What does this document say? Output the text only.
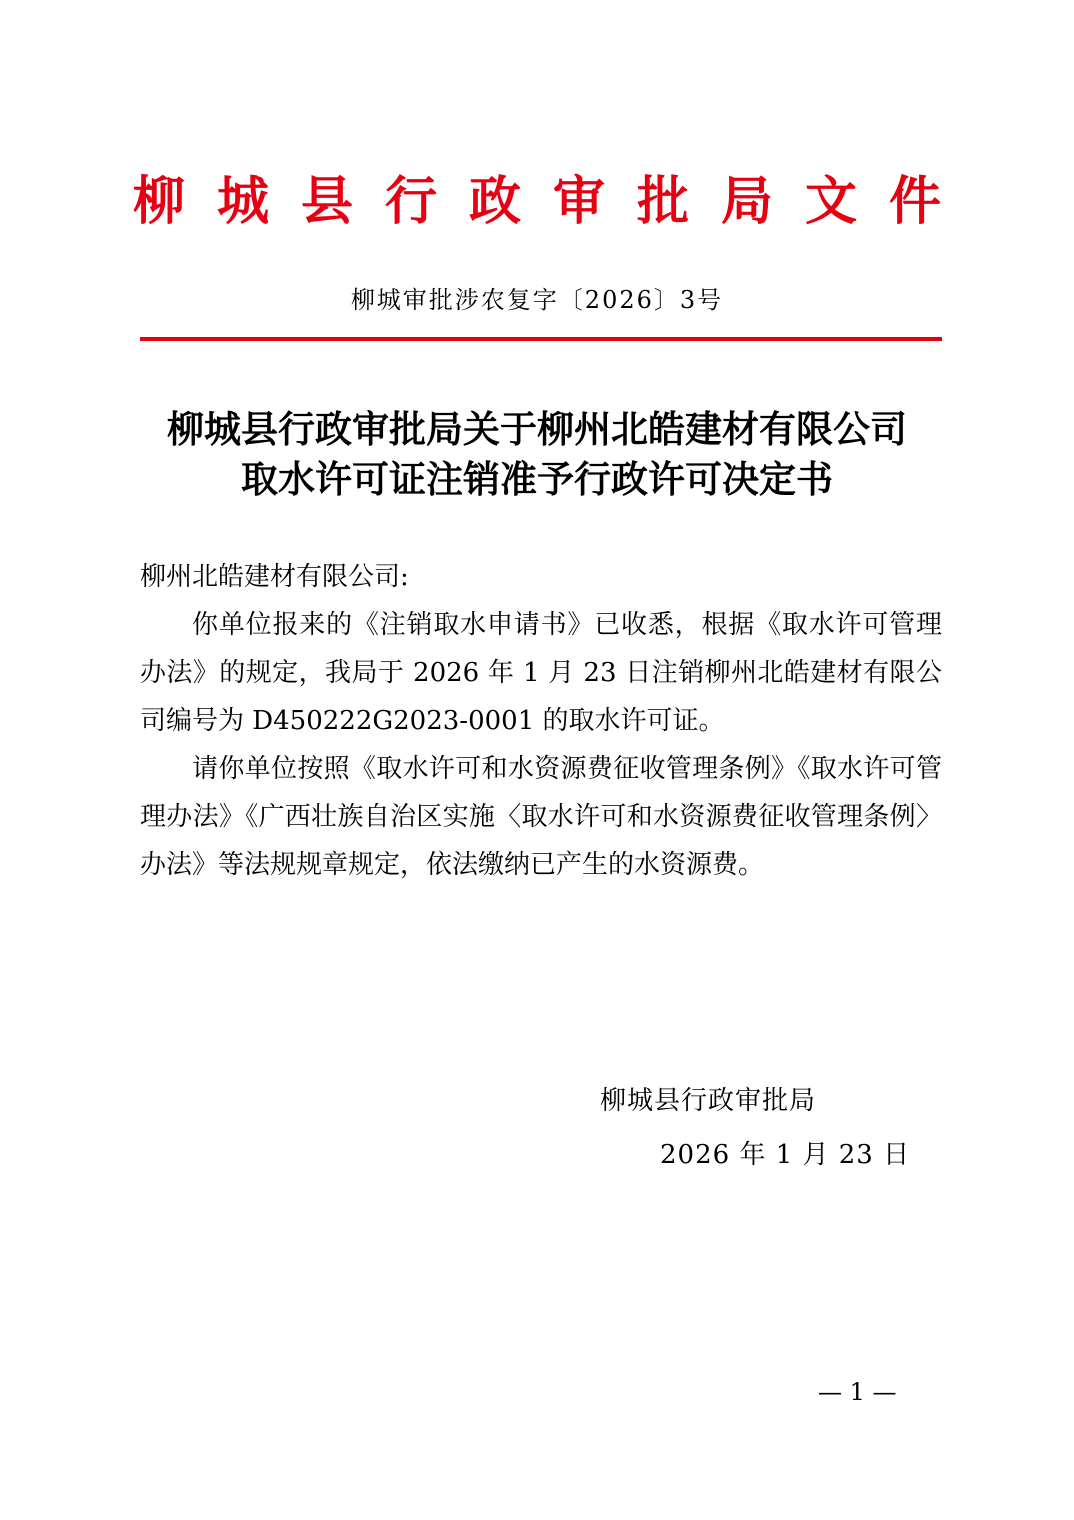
柳城县行政审批局文件
柳城审批涉农复字〔2026〕3号
柳城县行政审批局关于柳州北皓建材有限公司
取水许可证注销准予行政许可决定书

柳州北皓建材有限公司:

你单位报来的《注销取水申请书》已收悉，根据《取水许可管理办法》的规定，我局于 2026 年 1 月 23 日注销柳州北皓建材有限公司编号为 D450222G2023-0001 的取水许可证。

请你单位按照《取水许可和水资源费征收管理条例》《取水许可管理办法》《广西壮族自治区实施〈取水许可和水资源费征收管理条例〉办法》等法规规章规定，依法缴纳已产生的水资源费。

柳城县行政审批局
2026 年 1 月 23 日
— 1 —
